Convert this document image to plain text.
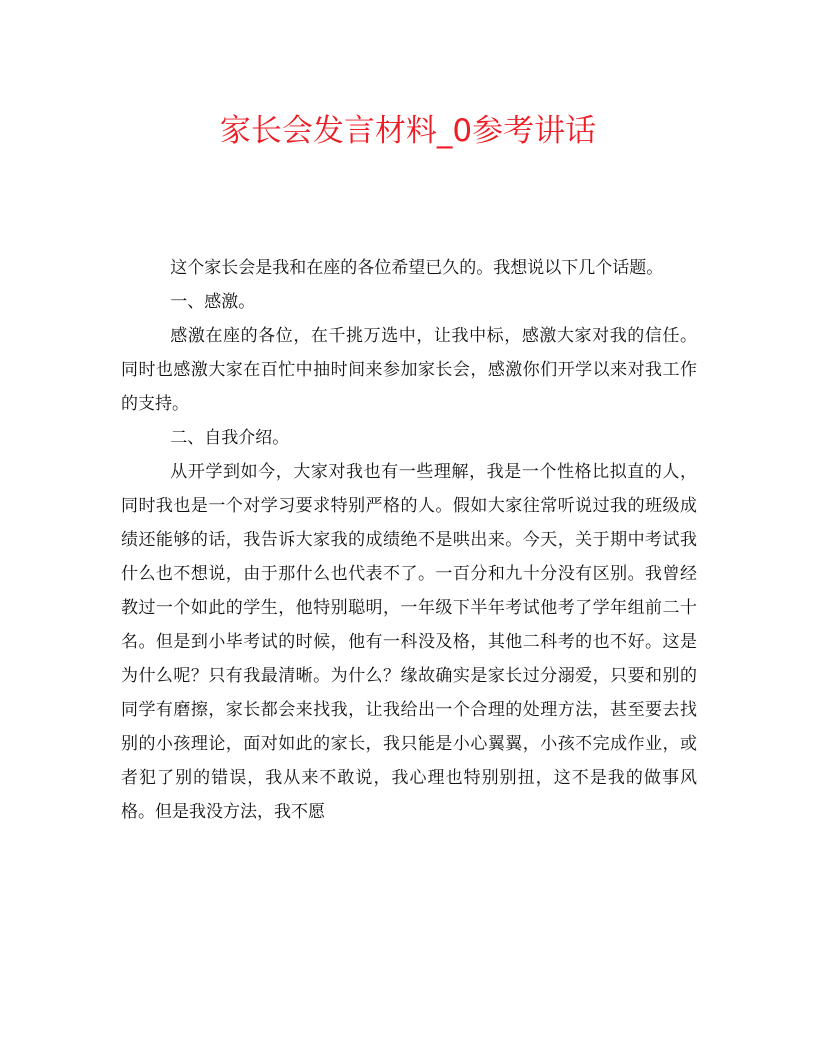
家长会发言材料_0参考讲话

这个家长会是我和在座的各位希望已久的。我想说以下几个话题。

一、感激。

感激在座的各位，在千挑万选中，让我中标，感激大家对我的信任。同时也感激大家在百忙中抽时间来参加家长会，感激你们开学以来对我工作的支持。

二、自我介绍。

从开学到如今，大家对我也有一些理解，我是一个性格比拟直的人，同时我也是一个对学习要求特别严格的人。假如大家往常听说过我的班级成绩还能够的话，我告诉大家我的成绩绝不是哄出来。今天，关于期中考试我什么也不想说，由于那什么也代表不了。一百分和九十分没有区别。我曾经教过一个如此的学生，他特别聪明，一年级下半年考试他考了学年组前二十名。但是到小毕考试的时候，他有一科没及格，其他二科考的也不好。这是为什么呢？只有我最清晰。为什么？缘故确实是家长过分溺爱，只要和别的同学有磨擦，家长都会来找我，让我给出一个合理的处理方法，甚至要去找别的小孩理论，面对如此的家长，我只能是小心翼翼，小孩不完成作业，或者犯了别的错误，我从来不敢说，我心理也特别别扭，这不是我的做事风格。但是我没方法，我不愿
